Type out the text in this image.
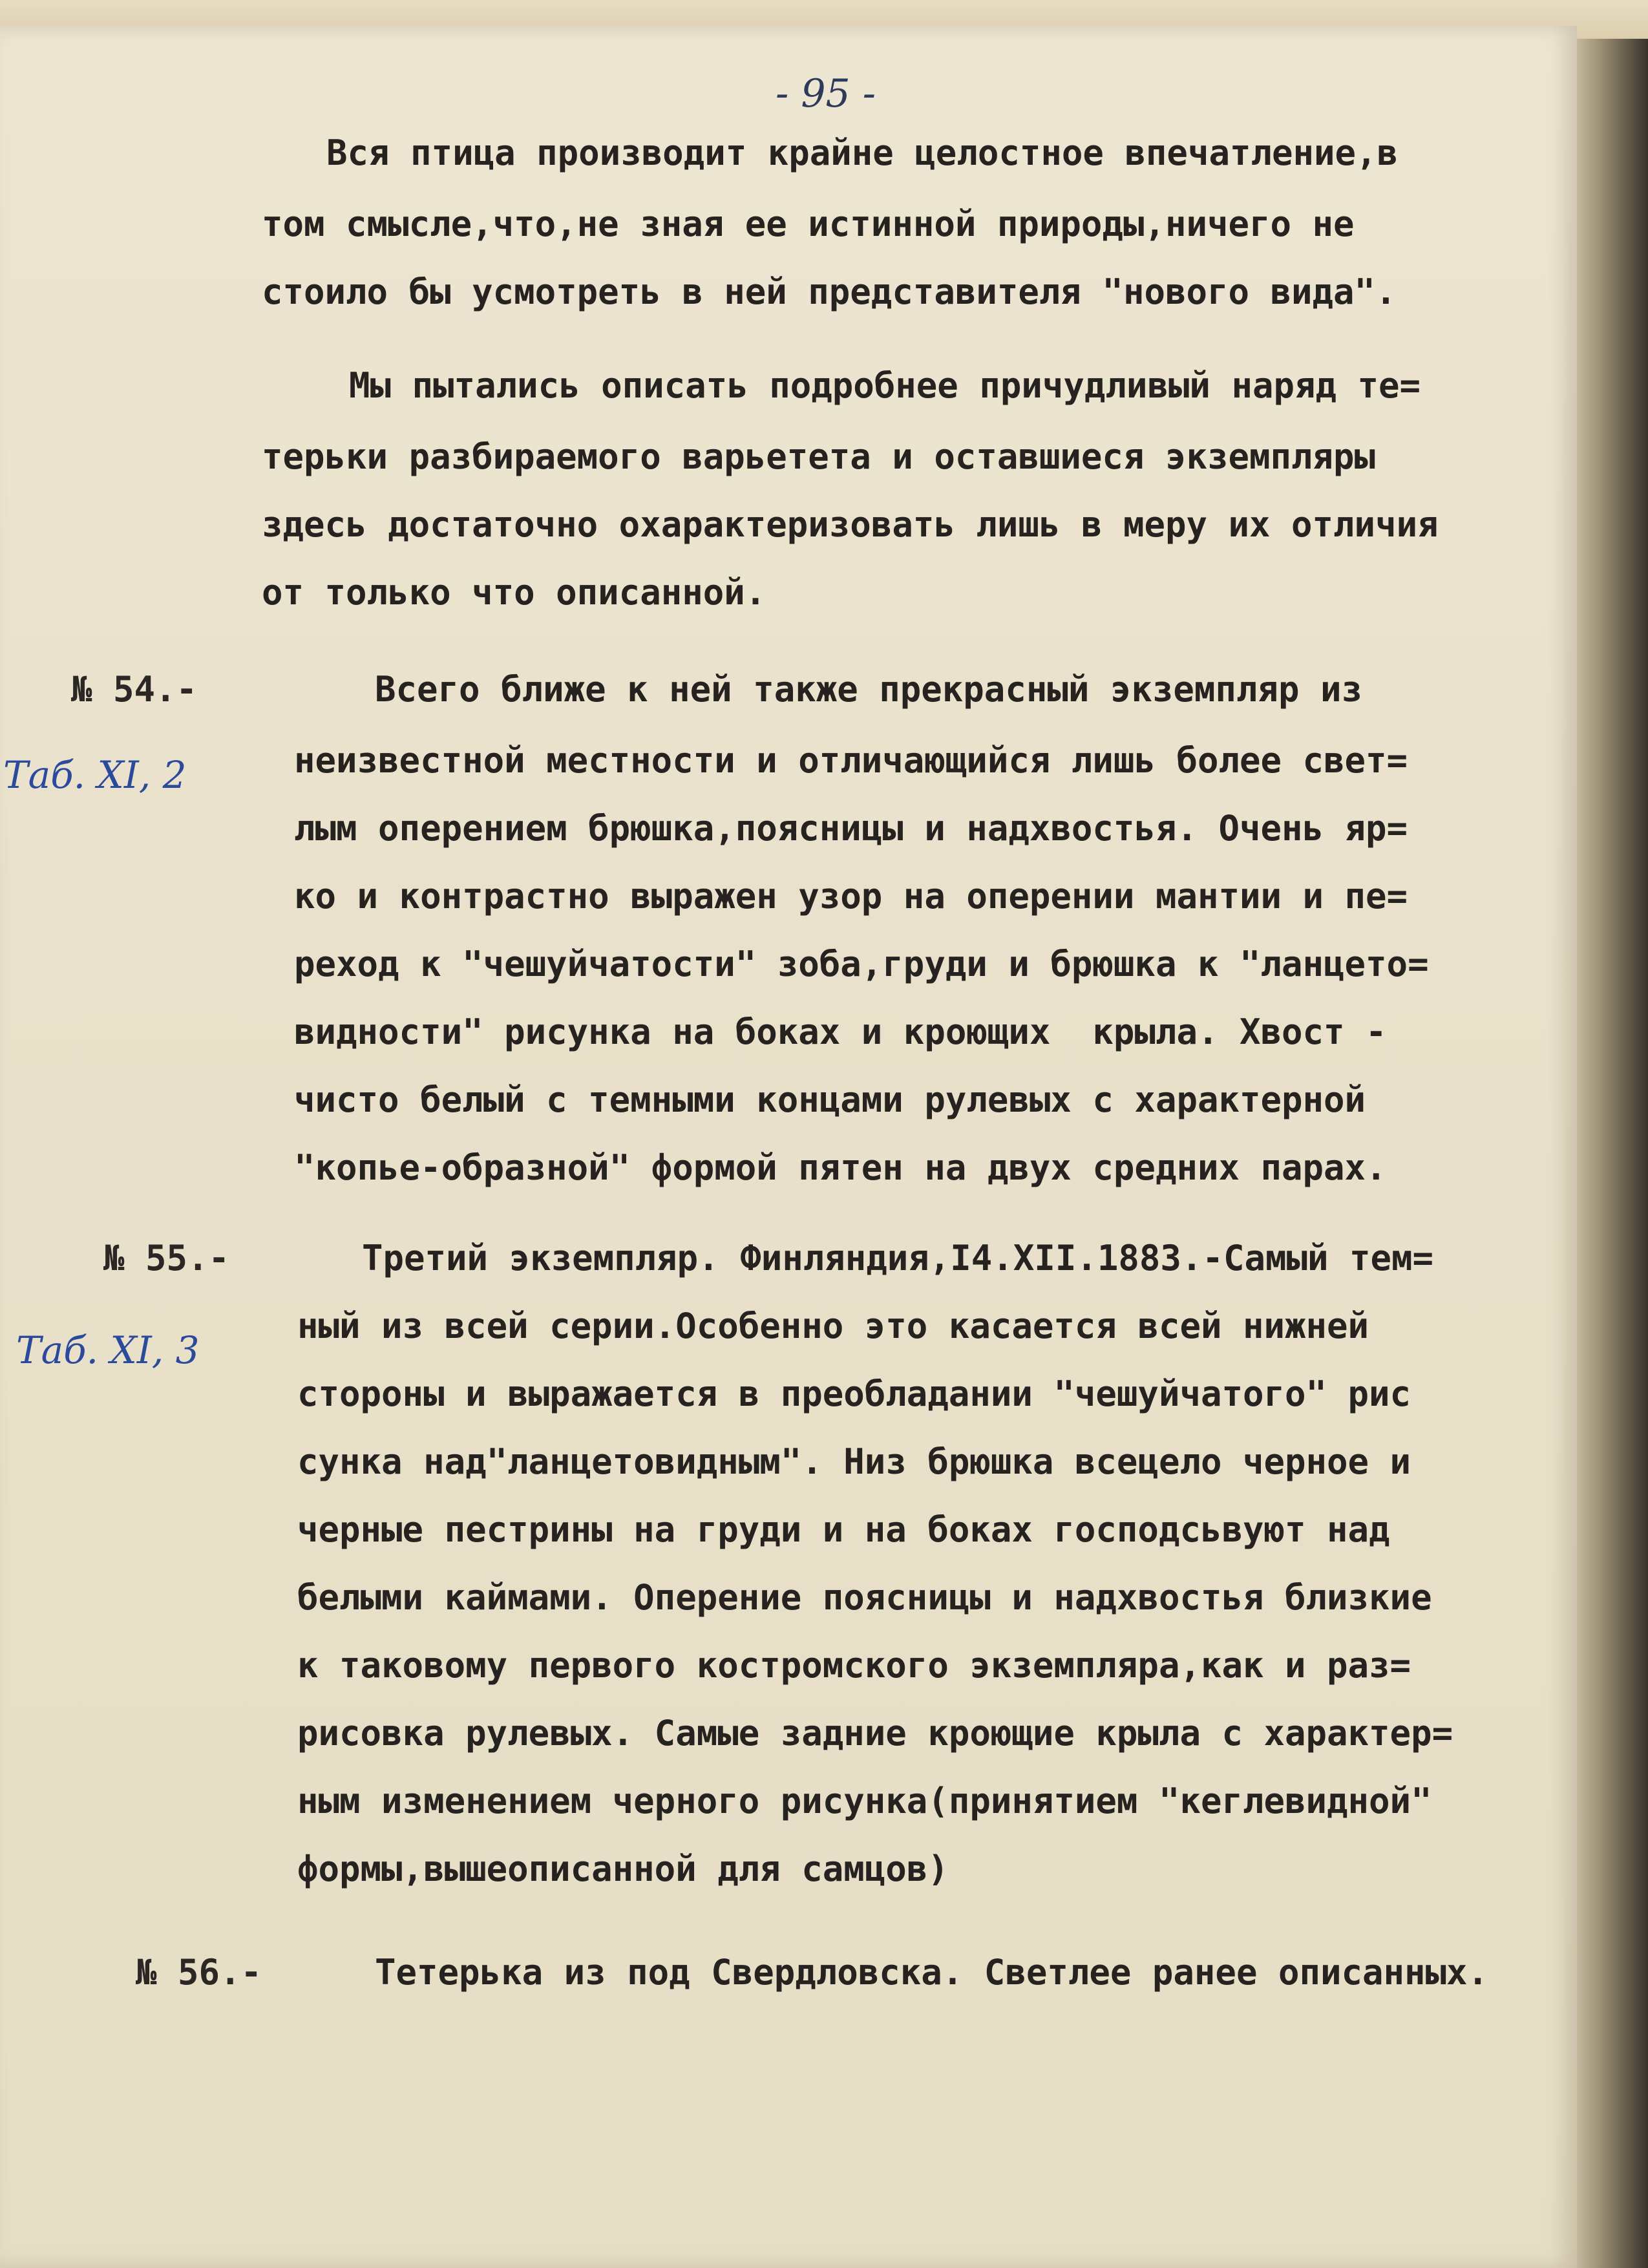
- 95 -
Вся птица производит крайне целостное впечатление,в
том смысле,что,не зная ее истинной природы,ничего не
стоило бы усмотреть в ней представителя "нового вида".
Мы пытались описать подробнее причудливый наряд те=
терьки разбираемого варьетета и оставшиеся экземпляры
здесь достаточно охарактеризовать лишь в меру их отличия
от только что описанной.
№ 54.-
Таб. XI, 2
Всего ближе к ней также прекрасный экземпляр из
неизвестной местности и отличающийся лишь более свет=
лым оперением брюшка,поясницы и надхвостья. Очень яр=
ко и контрастно выражен узор на оперении мантии и пе=
реход к "чешуйчатости" зоба,груди и брюшка к "ланцето=
видности" рисунка на боках и кроющих  крыла. Хвост -
чисто белый с темными концами рулевых с характерной
"копье-образной" формой пятен на двух средних парах.
№ 55.-
Таб. XI, 3
Третий экземпляр. Финляндия,I4.XII.1883.-Самый тем=
ный из всей серии.Особенно это касается всей нижней
стороны и выражается в преобладании "чешуйчатого" рис
сунка над"ланцетовидным". Низ брюшка всецело черное и
черные пестрины на груди и на боках господсьвуют над
белыми каймами. Оперение поясницы и надхвостья близкие
к таковому первого костромского экземпляра,как и раз=
рисовка рулевых. Самые задние кроющие крыла с характер=
ным изменением черного рисунка(принятием "кеглевидной"
формы,вышеописанной для самцов)
№ 56.-	Тетерька из под Свердловска. Светлее ранее описанных.
